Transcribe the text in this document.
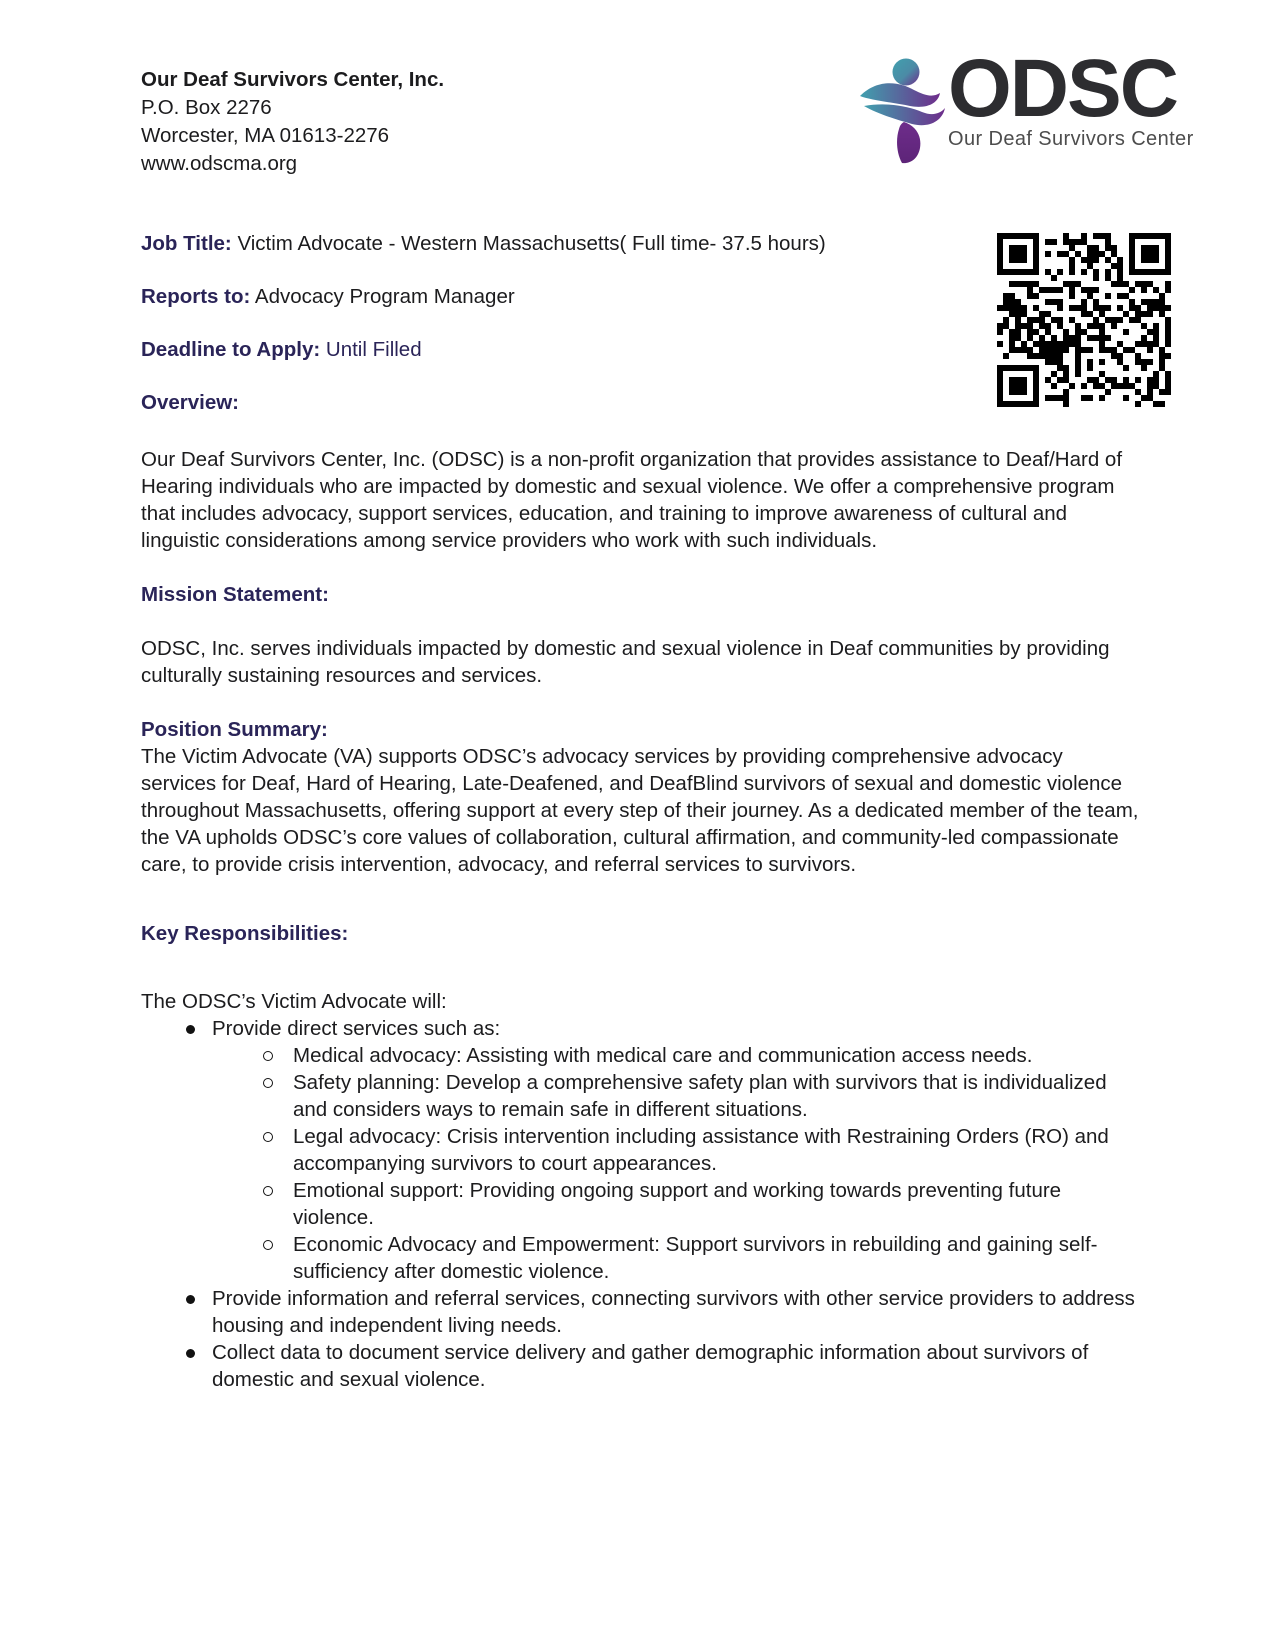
Our Deaf Survivors Center, Inc.
P.O. Box 2276
Worcester, MA 01613-2276
www.odscma.org
ODSC
Our Deaf Survivors Center
Job Title: Victim Advocate - Western Massachusetts( Full time- 37.5 hours)
Reports to: Advocacy Program Manager
Deadline to Apply: Until Filled
Overview:
Our Deaf Survivors Center, Inc. (ODSC) is a non-profit organization that provides assistance to Deaf/Hard of Hearing individuals who are impacted by domestic and sexual violence. We offer a comprehensive program that includes advocacy, support services, education, and training to improve awareness of cultural and linguistic considerations among service providers who work with such individuals.
Mission Statement:
ODSC, Inc. serves individuals impacted by domestic and sexual violence in Deaf communities by providing culturally sustaining resources and services.
Position Summary:
The Victim Advocate (VA) supports ODSC’s advocacy services by providing comprehensive advocacy services for Deaf, Hard of Hearing, Late-Deafened, and DeafBlind survivors of sexual and domestic violence throughout Massachusetts, offering support at every step of their journey. As a dedicated member of the team, the VA upholds ODSC’s core values of collaboration, cultural affirmation, and community-led compassionate care, to provide crisis intervention, advocacy, and referral services to survivors.
Key Responsibilities:
The ODSC’s Victim Advocate will:
Provide direct services such as:
Medical advocacy: Assisting with medical care and communication access needs.
Safety planning: Develop a comprehensive safety plan with survivors that is individualized and considers ways to remain safe in different situations.
Legal advocacy: Crisis intervention including assistance with Restraining Orders (RO) and accompanying survivors to court appearances.
Emotional support: Providing ongoing support and working towards preventing future violence.
Economic Advocacy and Empowerment: Support survivors in rebuilding and gaining self-sufficiency after domestic violence.
Provide information and referral services, connecting survivors with other service providers to address housing and independent living needs.
Collect data to document service delivery and gather demographic information about survivors of domestic and sexual violence.
